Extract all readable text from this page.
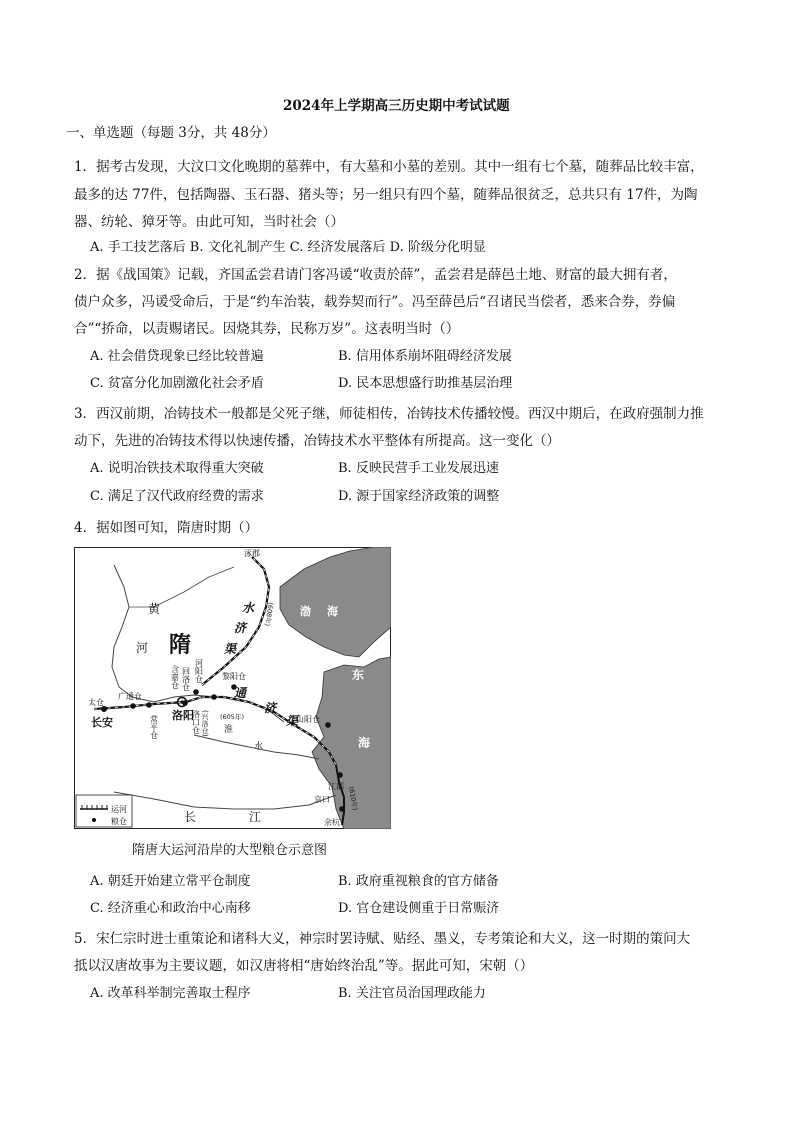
2024年上学期高三历史期中考试试题
一、单选题（每题 3分，共 48分）
1．据考古发现，大汶口文化晚期的墓葬中，有大墓和小墓的差别。其中一组有七个墓，随葬品比较丰富，
最多的达 77件，包括陶器、玉石器、猪头等；另一组只有四个墓，随葬品很贫乏，总共只有 17件，为陶
器、纺轮、獐牙等。由此可知，当时社会（）
A. 手工技艺落后 B. 文化礼制产生 C. 经济发展落后 D. 阶级分化明显
2．据《战国策》记载，齐国孟尝君请门客冯谖“收责於薛”，孟尝君是薛邑土地、财富的最大拥有者，
债户众多，冯谖受命后，于是“约车治装，载券契而行”。冯至薛邑后“召诸民当偿者，悉来合券，券偏
合”“挢命，以责赐诸民。因烧其券，民称万岁”。这表明当时（）
A. 社会借贷现象已经比较普遍	B. 信用体系崩坏阻碍经济发展
C. 贫富分化加剧激化社会矛盾	D. 民本思想盛行助推基层治理
3．西汉前期，冶铸技术一般都是父死子继，师徒相传，冶铸技术传播较慢。西汉中期后，在政府强制力推
动下，先进的冶铸技术得以快速传播，冶铸技术水平整体有所提高。这一变化（）
A. 说明冶铁技术取得重大突破	B. 反映民营手工业发展迅速
C. 满足了汉代政府经费的需求	D. 源于国家经济政策的调整
4．据如图可知，隋唐时期（）
隋
黄
河
水
济
渠
通
济
渠
渤 海
东
海
长	江
淮
水
长安
洛阳
涿郡
太仓
广通仓
常平仓
河阳仓
回洛仓
含嘉仓	黎阳仓
(兴洛仓)
洛口仓	山阳仓
江都
京口
余杭
(605年)
(608年)
(610年)
运河
粮仓
隋唐大运河沿岸的大型粮仓示意图
A. 朝廷开始建立常平仓制度	B. 政府重视粮食的官方储备
C. 经济重心和政治中心南移	D. 官仓建设侧重于日常赈济
5．宋仁宗时进士重策论和诸科大义，神宗时罢诗赋、贴经、墨义，专考策论和大义，这一时期的策问大
抵以汉唐故事为主要议题，如汉唐将相“唐始终治乱”等。据此可知，宋朝（）
A. 改革科举制完善取士程序	B. 关注官员治国理政能力
